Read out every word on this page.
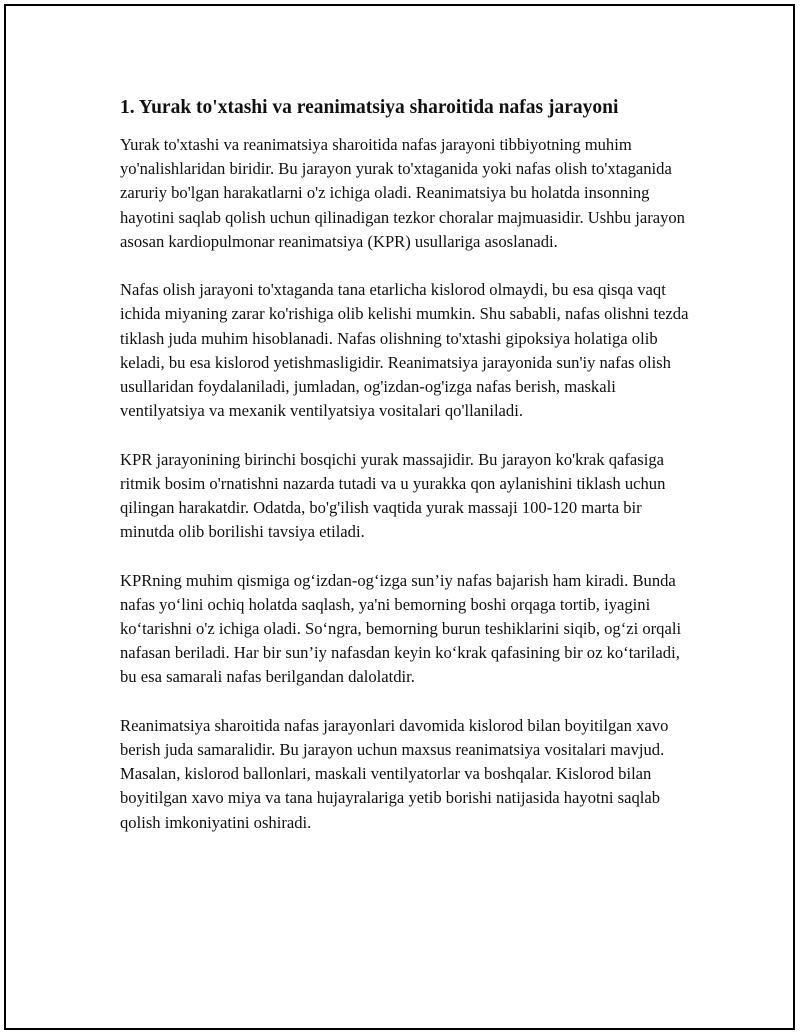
1. Yurak to'xtashi va reanimatsiya sharoitida nafas jarayoni

Yurak to'xtashi va reanimatsiya sharoitida nafas jarayoni tibbiyotning muhim yo'nalishlaridan biridir. Bu jarayon yurak to'xtaganida yoki nafas olish to'xtaganida zaruriy bo'lgan harakatlarni o'z ichiga oladi. Reanimatsiya bu holatda insonning hayotini saqlab qolish uchun qilinadigan tezkor choralar majmuasidir. Ushbu jarayon asosan kardiopulmonar reanimatsiya (KPR) usullariga asoslanadi.

Nafas olish jarayoni to'xtaganda tana etarlicha kislorod olmaydi, bu esa qisqa vaqt ichida miyaning zarar ko'rishiga olib kelishi mumkin. Shu sababli, nafas olishni tezda tiklash juda muhim hisoblanadi. Nafas olishning to'xtashi gipoksiya holatiga olib keladi, bu esa kislorod yetishmasligidir. Reanimatsiya jarayonida sun'iy nafas olish usullaridan foydalaniladi, jumladan, og'izdan-og'izga nafas berish, maskali ventilyatsiya va mexanik ventilyatsiya vositalari qo'llaniladi.

KPR jarayonining birinchi bosqichi yurak massajidir. Bu jarayon ko'krak qafasiga ritmik bosim o'rnatishni nazarda tutadi va u yurakka qon aylanishini tiklash uchun qilingan harakatdir. Odatda, bo'g'ilish vaqtida yurak massaji 100-120 marta bir minutda olib borilishi tavsiya etiladi.

KPRning muhim qismiga og‘izdan-og‘izga sun’iy nafas bajarish ham kiradi. Bunda nafas yo‘lini ochiq holatda saqlash, ya'ni bemorning boshi orqaga tortib, iyagini ko‘tarishni o'z ichiga oladi. So‘ngra, bemorning burun teshiklarini siqib, og‘zi orqali nafasan beriladi. Har bir sun’iy nafasdan keyin ko‘krak qafasining bir oz ko‘tariladi, bu esa samarali nafas berilgandan dalolatdir.

Reanimatsiya sharoitida nafas jarayonlari davomida kislorod bilan boyitilgan xavo berish juda samaralidir. Bu jarayon uchun maxsus reanimatsiya vositalari mavjud. Masalan, kislorod ballonlari, maskali ventilyatorlar va boshqalar. Kislorod bilan boyitilgan xavo miya va tana hujayralariga yetib borishi natijasida hayotni saqlab qolish imkoniyatini oshiradi.
